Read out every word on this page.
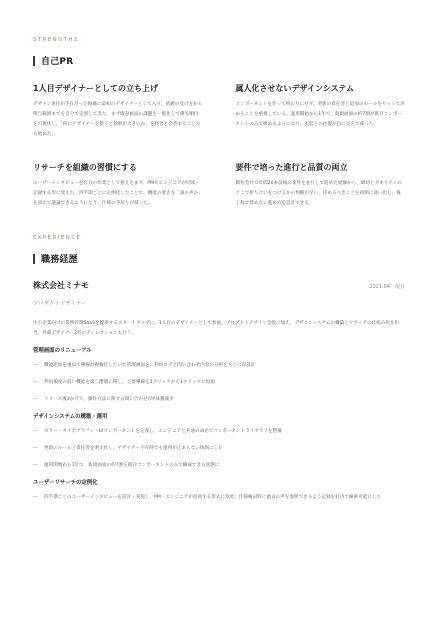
STRENGTHS

自己PR

1人目デザイナーとしての立ち上げ

デザイン専任が不在だった組織に最初のデザイナーとして入り、依頼の受け方から関与範囲までを自分で定義してきた。まず既存画面の課題を一覧化して優先順位を可視化し、「何にデザイナーを使うと効果が大きいか」を経営と合意することから始めた。

属人化させないデザインシステム

コンポーネントを作って終わりにせず、更新の責任者と追加のルールをセットで決めることを重視している。運用開始から1年で、新規画面の約7割が既存コンポーネントのみで組めるようになり、実装との往復が目に見えて減った。

リサーチを組織の習慣にする

ユーザーインタビューを自分の作業として抱え込まず、PMやエンジニアが同席・記録する形に変えた。四半期ごとに定例化したことで、機能の要否を「誰の声か」を添えて議論できるようになり、仕様の手戻りが減った。

要件で培った進行と品質の両立

制作会社で年間20本前後の案件を並行して進めた経験から、締切とクオリティのどこで折り合いをつけるかの判断が早い。決めるべきことを初期に洗い出し、後工程で揉めない進め方を設計できる。

EXPERIENCE

職務経歴
株式会社ミナモ	2021.04〜現在
プロダクトデザイナー
中小企業向けの業務管理SaaSを提供するスタートアップに、1人目のデザイナーとして参画。プロダクトデザイン全般に加え、デザインシステムの構築とリサーチの仕組み化を担当。外部デザイナー2名のディレクションも行う。
管理画面のリニューアル
—	機能追加を重ねて導線が複雑化していた管理画面を、利用ログと問い合わせ内容の分析をもとに再設計
—	利用頻度の低い機能を第二階層に移し、主要導線を3クリックから1クリックに短縮
—	リリース後3か月で、操作方法に関する問い合わせが約4割減少
デザインシステムの構築・運用
—	カラー・タイポグラフィ・UIコンポーネントを定義し、エンジニアと共通の命名でコンポーネントライブラリを整備
—	更新のルールと責任者を明文化し、デザイナー不在時でも運用が止まらない体制にした
—	運用開始から1年で、新規画面の約7割を既存コンポーネントのみで構成できる状態に
ユーザーリサーチの定例化
—	四半期ごとのユーザーインタビューを設計・実施し、PM・エンジニアが同席する形式に変更。仕様検討時に過去の声を参照できるよう記録を社内で検索可能にした
